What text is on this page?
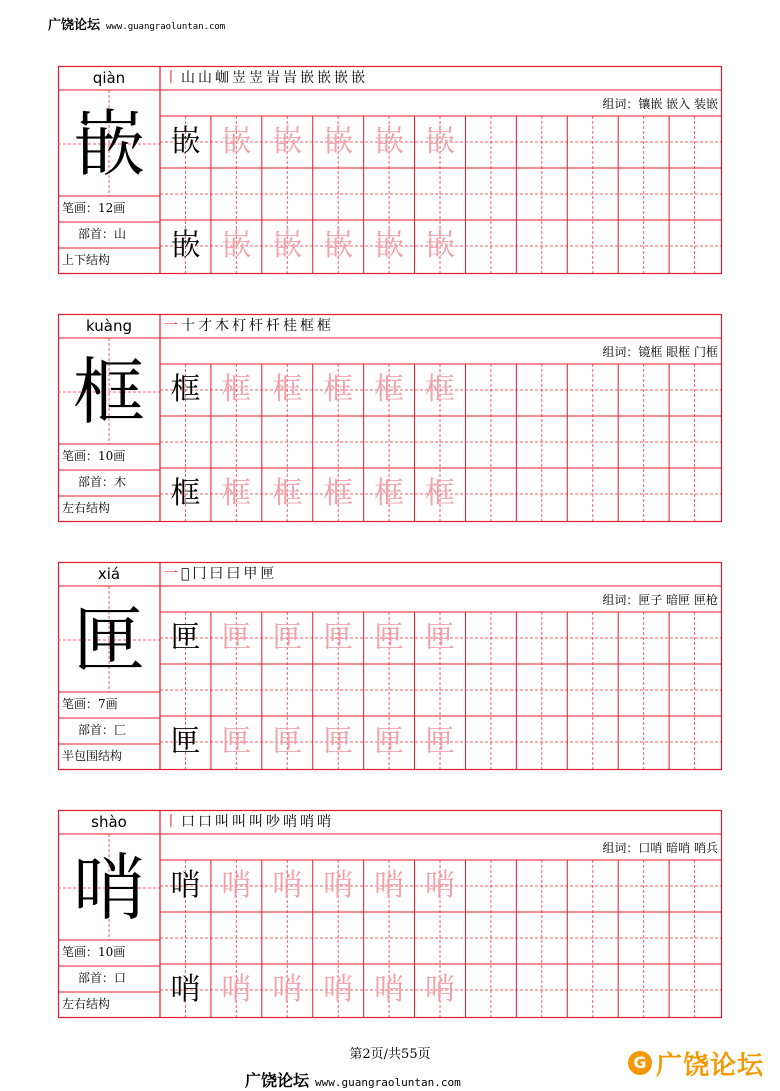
广饶论坛 www.guangraoluntan.com
qiàn
嵌
笔画：12画
部首：山
上下结构
组词：镶嵌 嵌入 装嵌
丨 山 山 𡶐 岦 岦 峕 峕 嵌 嵌 嵌 嵌
嵌 嵌 嵌 嵌 嵌 嵌
嵌 嵌 嵌 嵌 嵌 嵌
kuàng
框
笔画：10画
部首：木
左右结构
组词：镜框 眼框 门框
一 十 才 木 朾 杆 杄 桂 框 框
框 框 框 框 框 框
框 框 框 框 框 框
xiá
匣
笔画：7画
部首：匚
半包围结构
组词：匣子 暗匣 匣枪
一 𠂌 冂 曰 曰 甲 匣
匣 匣 匣 匣 匣 匣
匣 匣 匣 匣 匣 匣
shào
哨
笔画：10画
部首：口
左右结构
组词：口哨 暗哨 哨兵
丨 口 口 叫 叫 叫 吵 哨 哨 哨
哨 哨 哨 哨 哨 哨
哨 哨 哨 哨 哨 哨
第2页/共55页
广饶论坛 www.guangraoluntan.com
G 广饶论坛
